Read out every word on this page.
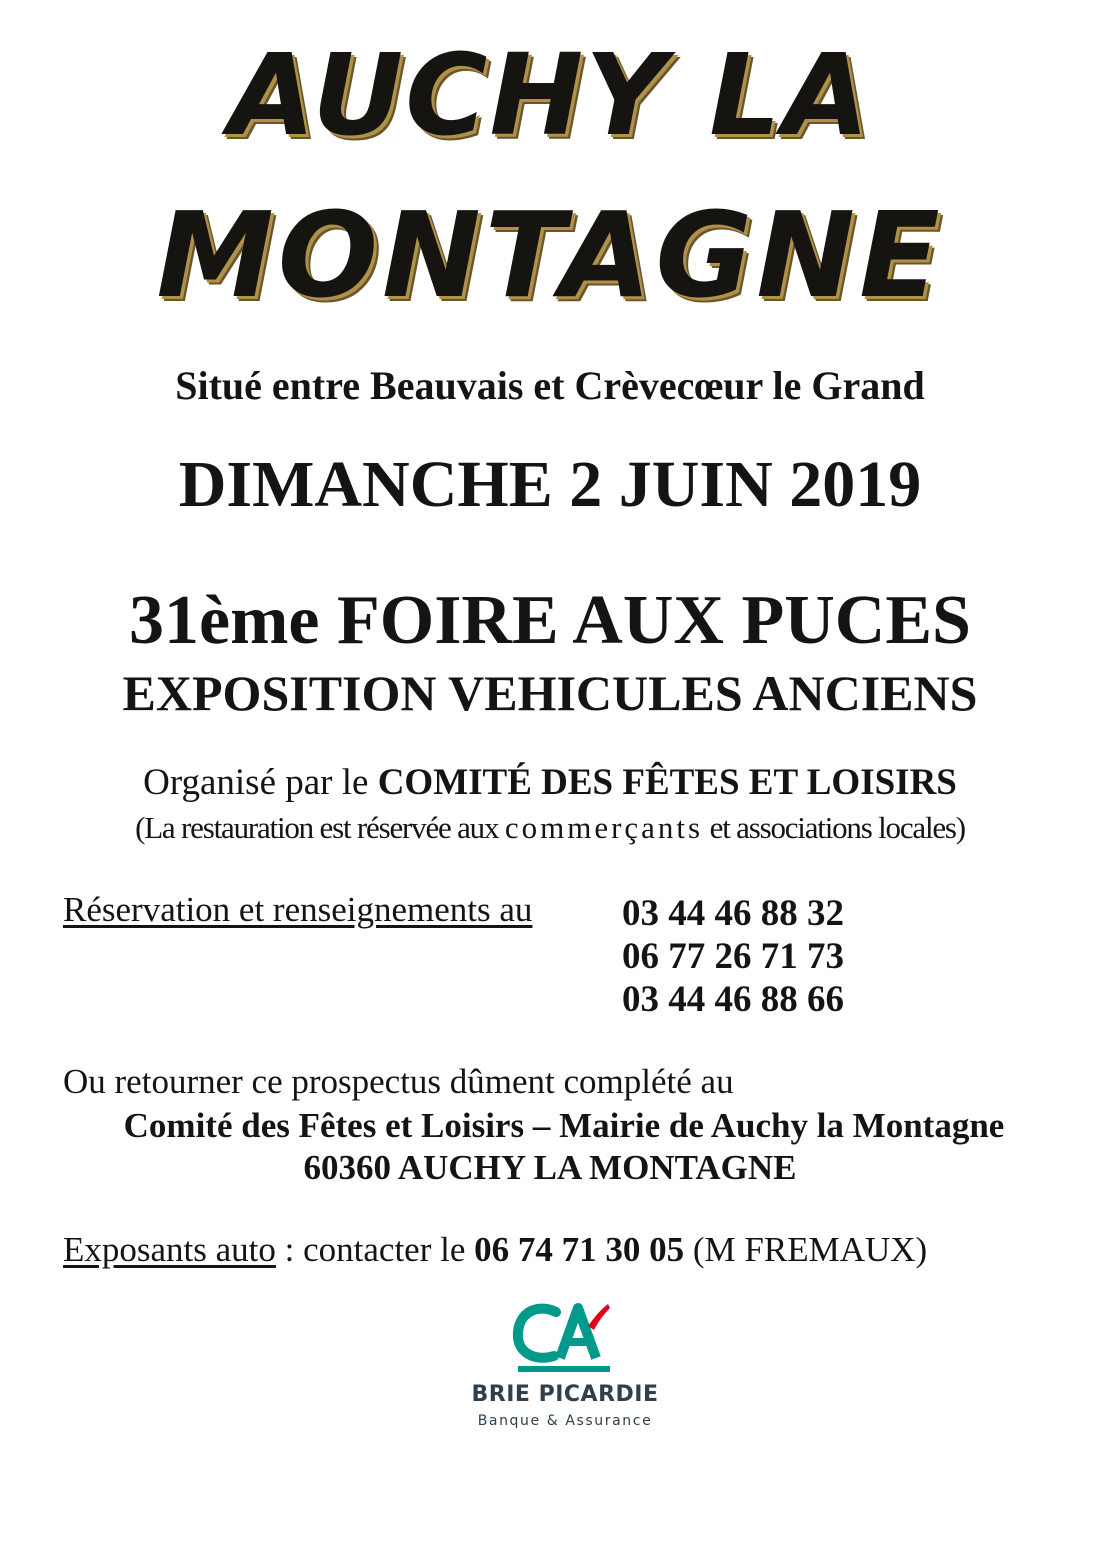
AUCHY LA
MONTAGNE
Situé entre Beauvais et Crèvecœur le Grand
DIMANCHE 2 JUIN 2019
31ème FOIRE AUX PUCES
EXPOSITION VEHICULES ANCIENS
Organisé par le COMITÉ DES FÊTES ET LOISIRS
(La restauration est réservée aux commerçants et associations locales)
Réservation et renseignements au 03 44 46 88 32
06 77 26 71 73
03 44 46 88 66
Ou retourner ce prospectus dûment complété au
Comité des Fêtes et Loisirs – Mairie de Auchy la Montagne
60360 AUCHY LA MONTAGNE
Exposants auto : contacter le 06 74 71 30 05 (M FREMAUX)
BRIE PICARDIE
Banque & Assurance
